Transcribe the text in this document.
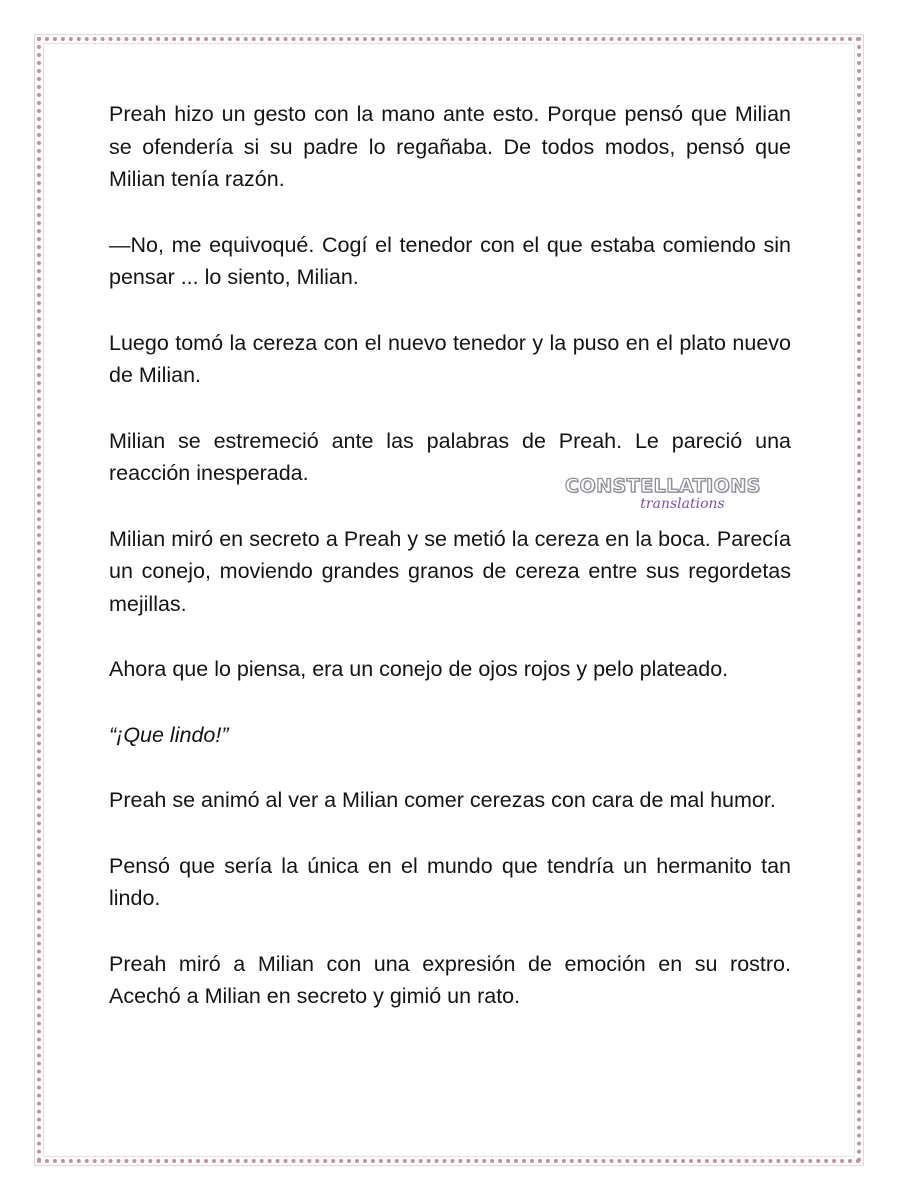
Preah hizo un gesto con la mano ante esto. Porque pensó que Milian se ofendería si su padre lo regañaba. De todos modos, pensó que Milian tenía razón.

—No, me equivoqué. Cogí el tenedor con el que estaba comiendo sin pensar ... lo siento, Milian.

Luego tomó la cereza con el nuevo tenedor y la puso en el plato nuevo de Milian.

Milian se estremeció ante las palabras de Preah. Le pareció una reacción inesperada.

Milian miró en secreto a Preah y se metió la cereza en la boca. Parecía un conejo, moviendo grandes granos de cereza entre sus regordetas mejillas.

Ahora que lo piensa, era un conejo de ojos rojos y pelo plateado.

“¡Que lindo!”

Preah se animó al ver a Milian comer cerezas con cara de mal humor.

Pensó que sería la única en el mundo que tendría un hermanito tan lindo.

Preah miró a Milian con una expresión de emoción en su rostro. Acechó a Milian en secreto y gimió un rato.

CONSTELLATIONS
translations
